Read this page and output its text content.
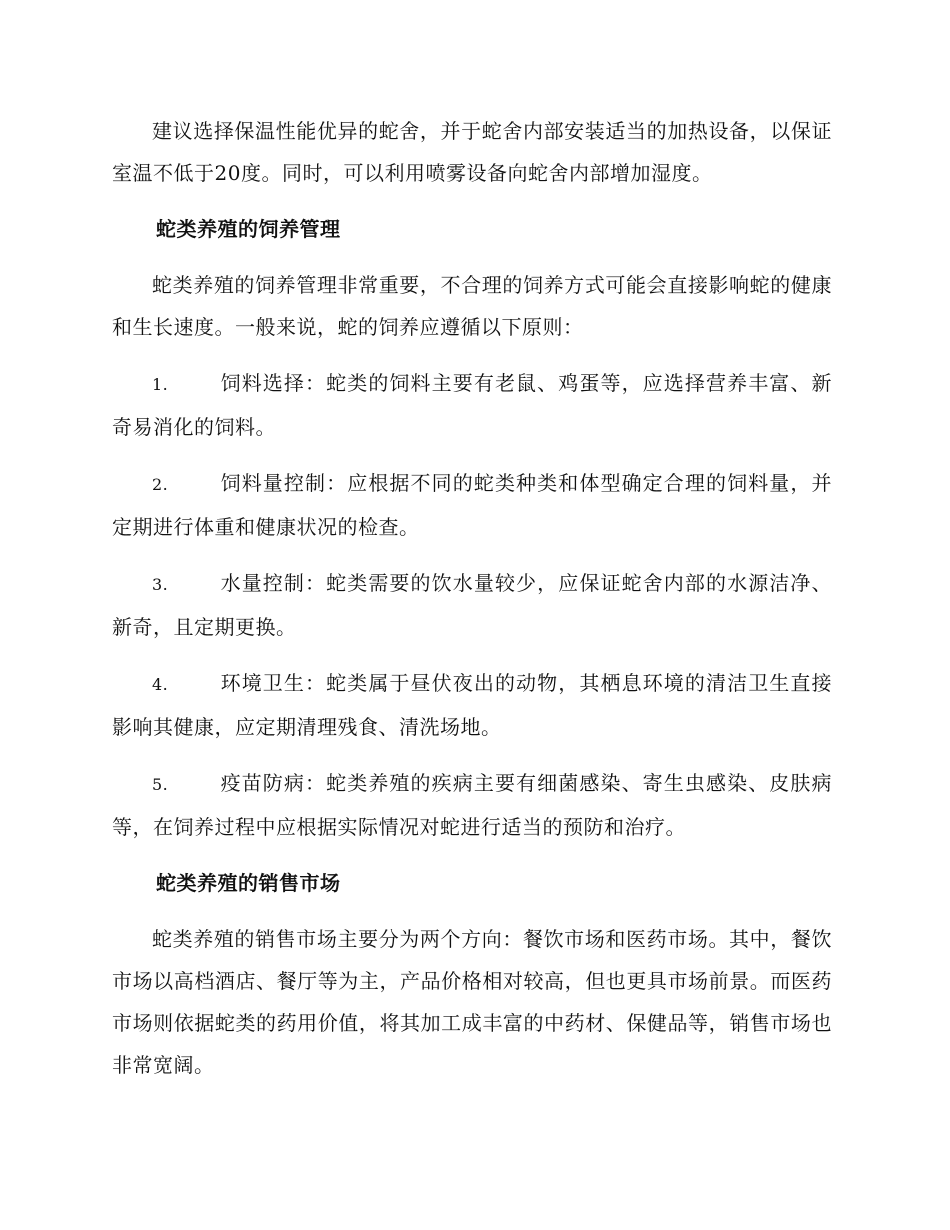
建议选择保温性能优异的蛇舍，并于蛇舍内部安装适当的加热设备，以保证室温不低于20度。同时，可以利用喷雾设备向蛇舍内部增加湿度。

蛇类养殖的饲养管理

蛇类养殖的饲养管理非常重要，不合理的饲养方式可能会直接影响蛇的健康和生长速度。一般来说，蛇的饲养应遵循以下原则：

1.	饲料选择：蛇类的饲料主要有老鼠、鸡蛋等，应选择营养丰富、新奇易消化的饲料。
2.	饲料量控制：应根据不同的蛇类种类和体型确定合理的饲料量，并定期进行体重和健康状况的检查。
3.	水量控制：蛇类需要的饮水量较少，应保证蛇舍内部的水源洁净、新奇，且定期更换。
4.	环境卫生：蛇类属于昼伏夜出的动物，其栖息环境的清洁卫生直接影响其健康，应定期清理残食、清洗场地。
5.	疫苗防病：蛇类养殖的疾病主要有细菌感染、寄生虫感染、皮肤病等，在饲养过程中应根据实际情况对蛇进行适当的预防和治疗。
蛇类养殖的销售市场

蛇类养殖的销售市场主要分为两个方向：餐饮市场和医药市场。其中，餐饮市场以高档酒店、餐厅等为主，产品价格相对较高，但也更具市场前景。而医药市场则依据蛇类的药用价值，将其加工成丰富的中药材、保健品等，销售市场也非常宽阔。
